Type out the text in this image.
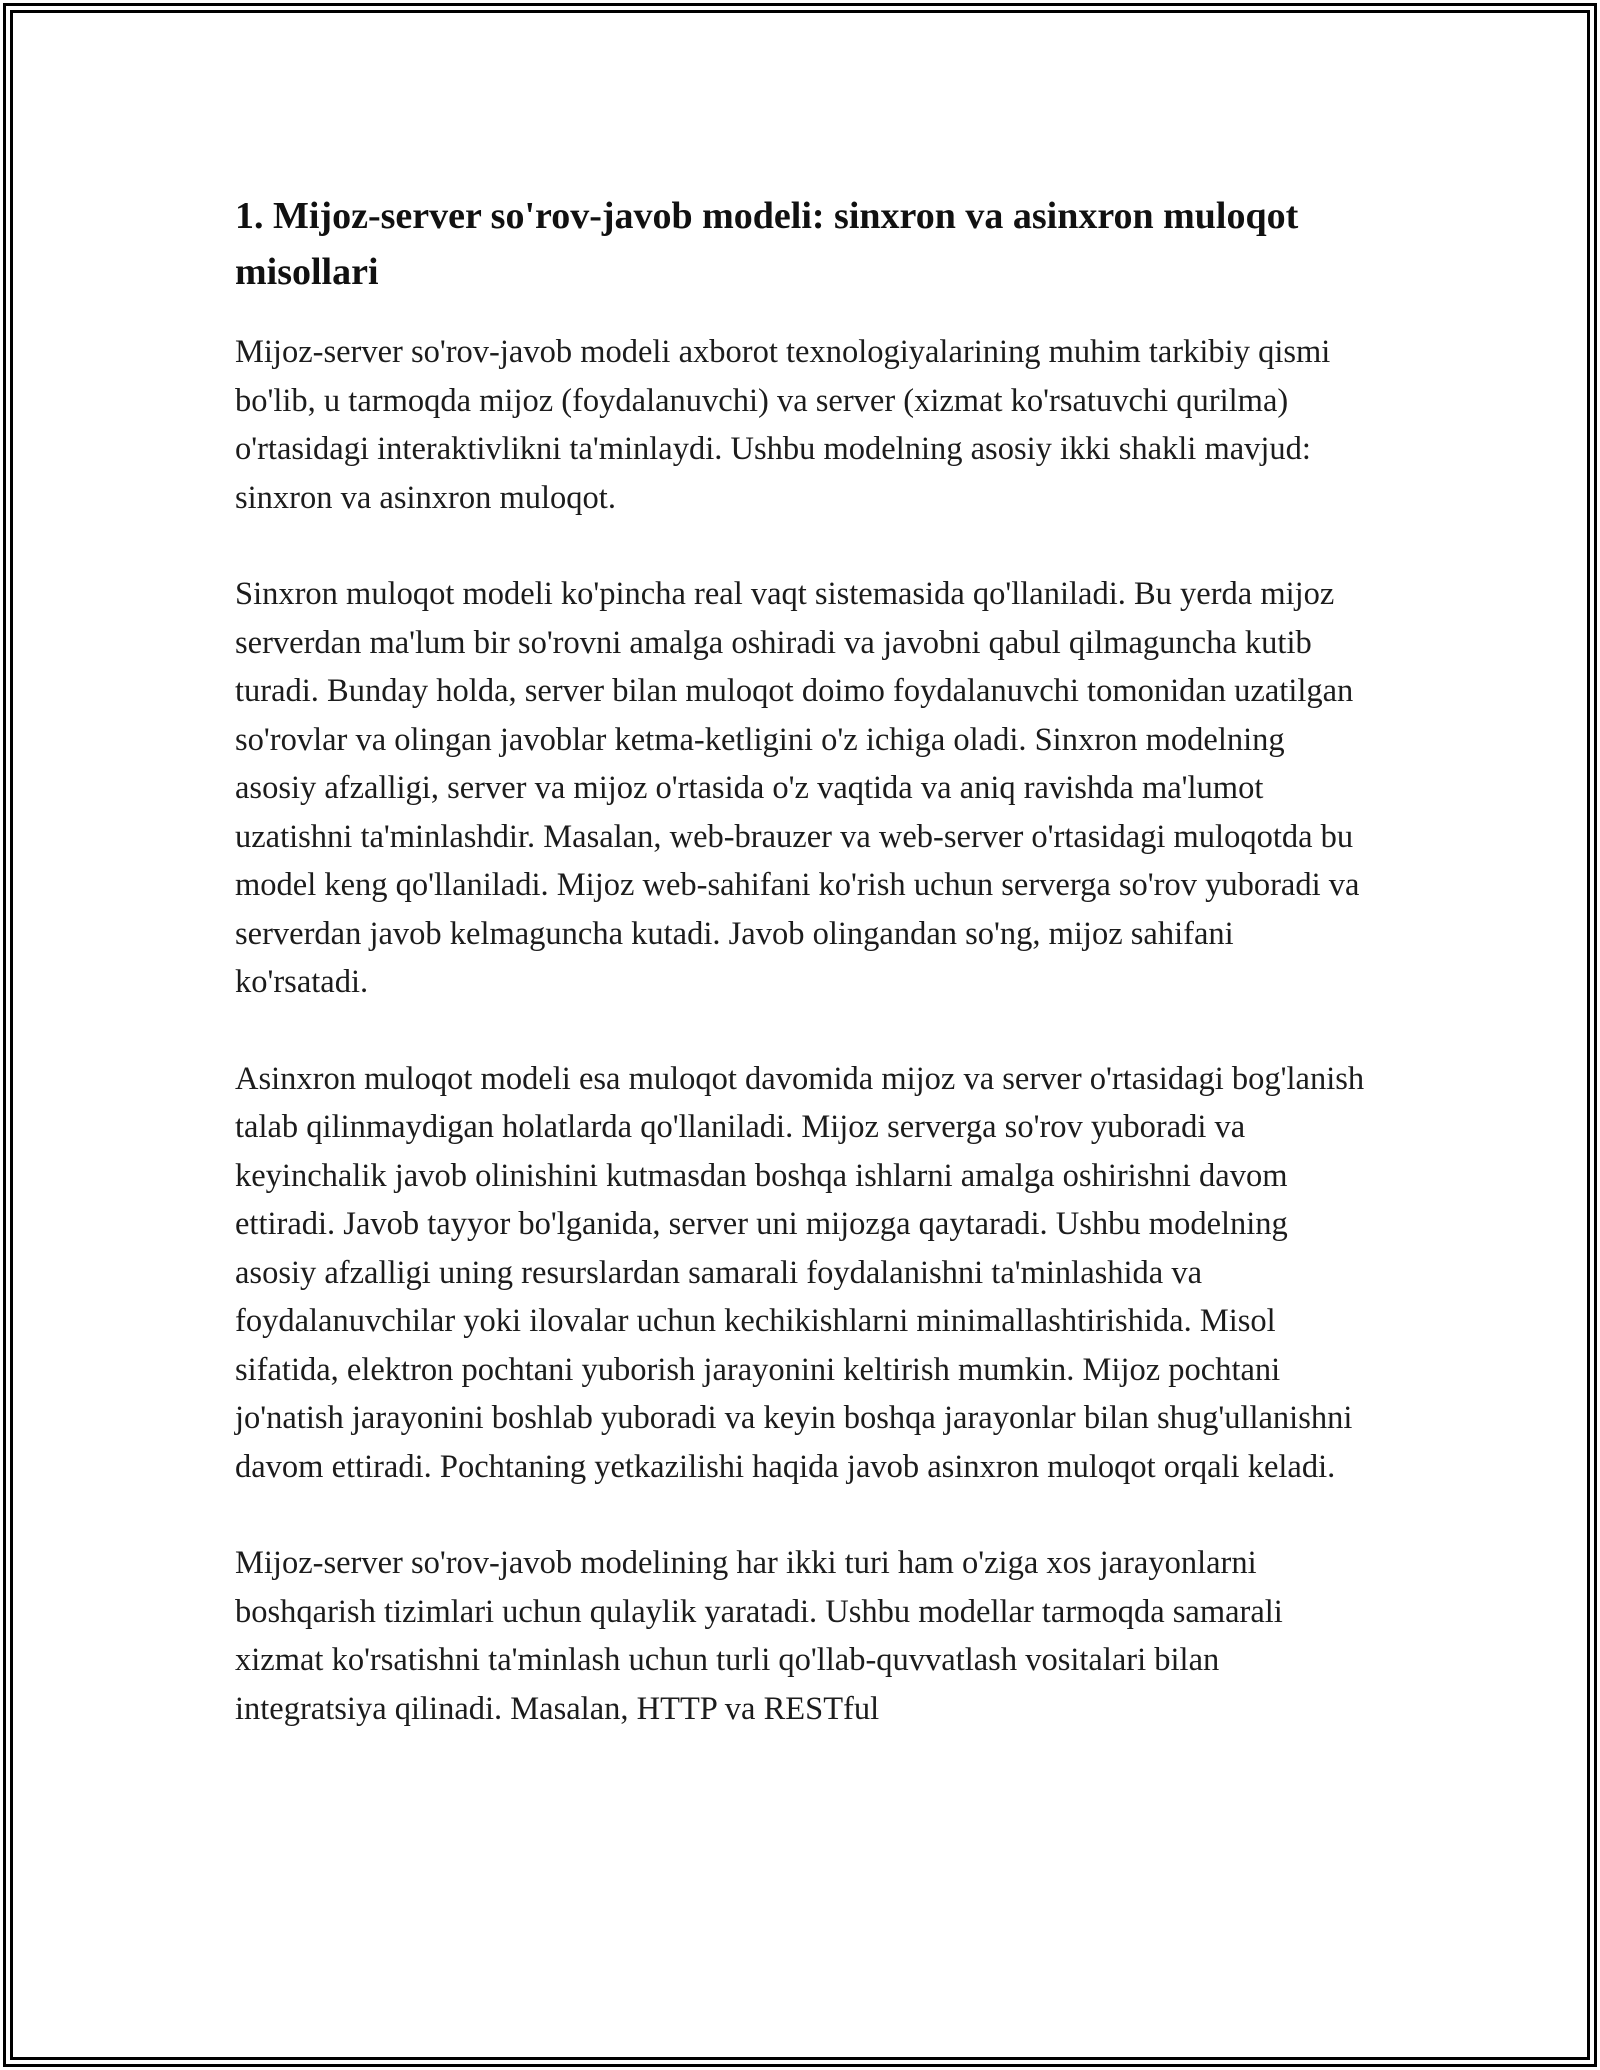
1. Mijoz-server so'rov-javob modeli: sinxron va asinxron muloqot misollari

Mijoz-server so'rov-javob modeli axborot texnologiyalarining muhim tarkibiy qismi bo'lib, u tarmoqda mijoz (foydalanuvchi) va server (xizmat ko'rsatuvchi qurilma) o'rtasidagi interaktivlikni ta'minlaydi. Ushbu modelning asosiy ikki shakli mavjud: sinxron va asinxron muloqot.

Sinxron muloqot modeli ko'pincha real vaqt sistemasida qo'llaniladi. Bu yerda mijoz serverdan ma'lum bir so'rovni amalga oshiradi va javobni qabul qilmaguncha kutib turadi. Bunday holda, server bilan muloqot doimo foydalanuvchi tomonidan uzatilgan so'rovlar va olingan javoblar ketma-ketligini o'z ichiga oladi. Sinxron modelning asosiy afzalligi, server va mijoz o'rtasida o'z vaqtida va aniq ravishda ma'lumot uzatishni ta'minlashdir. Masalan, web-brauzer va web-server o'rtasidagi muloqotda bu model keng qo'llaniladi. Mijoz web-sahifani ko'rish uchun serverga so'rov yuboradi va serverdan javob kelmaguncha kutadi. Javob olingandan so'ng, mijoz sahifani ko'rsatadi.

Asinxron muloqot modeli esa muloqot davomida mijoz va server o'rtasidagi bog'lanish talab qilinmaydigan holatlarda qo'llaniladi. Mijoz serverga so'rov yuboradi va keyinchalik javob olinishini kutmasdan boshqa ishlarni amalga oshirishni davom ettiradi. Javob tayyor bo'lganida, server uni mijozga qaytaradi. Ushbu modelning asosiy afzalligi uning resurslardan samarali foydalanishni ta'minlashida va foydalanuvchilar yoki ilovalar uchun kechikishlarni minimallashtirishida. Misol sifatida, elektron pochtani yuborish jarayonini keltirish mumkin. Mijoz pochtani jo'natish jarayonini boshlab yuboradi va keyin boshqa jarayonlar bilan shug'ullanishni davom ettiradi. Pochtaning yetkazilishi haqida javob asinxron muloqot orqali keladi.

Mijoz-server so'rov-javob modelining har ikki turi ham o'ziga xos jarayonlarni boshqarish tizimlari uchun qulaylik yaratadi. Ushbu modellar tarmoqda samarali xizmat ko'rsatishni ta'minlash uchun turli qo'llab-quvvatlash vositalari bilan integratsiya qilinadi. Masalan, HTTP va RESTful
